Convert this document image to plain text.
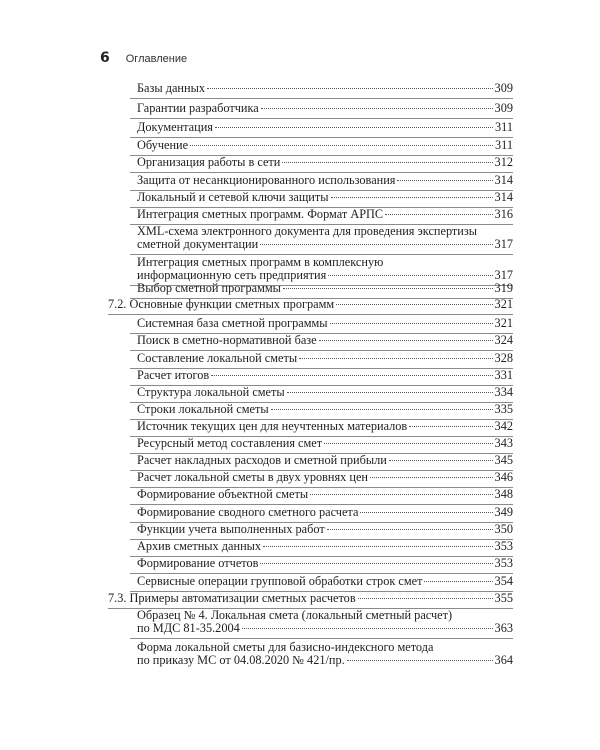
6 Оглавление
Базы данных	309
Гарантии разработчика	309
Документация	311
Обучение	311
Организация работы в сети	312
Защита от несанкционированного использования	314
Локальный и сетевой ключи защиты	314
Интеграция сметных программ. Формат АРПС	316
XML-схема электронного документа для проведения экспертизы
сметной документации	317
Интеграция сметных программ в комплексную
информационную сеть предприятия	317
Выбор сметной программы	319
7.2. Основные функции сметных программ	321
Системная база сметной программы	321
Поиск в сметно-нормативной базе	324
Составление локальной сметы	328
Расчет итогов	331
Структура локальной сметы	334
Строки локальной сметы	335
Источник текущих цен для неучтенных материалов	342
Ресурсный метод составления смет	343
Расчет накладных расходов и сметной прибыли	345
Расчет локальной сметы в двух уровнях цен	346
Формирование объектной сметы	348
Формирование сводного сметного расчета	349
Функции учета выполненных работ	350
Архив сметных данных	353
Формирование отчетов	353
Сервисные операции групповой обработки строк смет	354
7.3. Примеры автоматизации сметных расчетов	355
Образец № 4. Локальная смета (локальный сметный расчет)
по МДС 81-35.2004	363
Форма локальной сметы для базисно-индексного метода
по приказу МС от 04.08.2020 № 421/пр.	364
